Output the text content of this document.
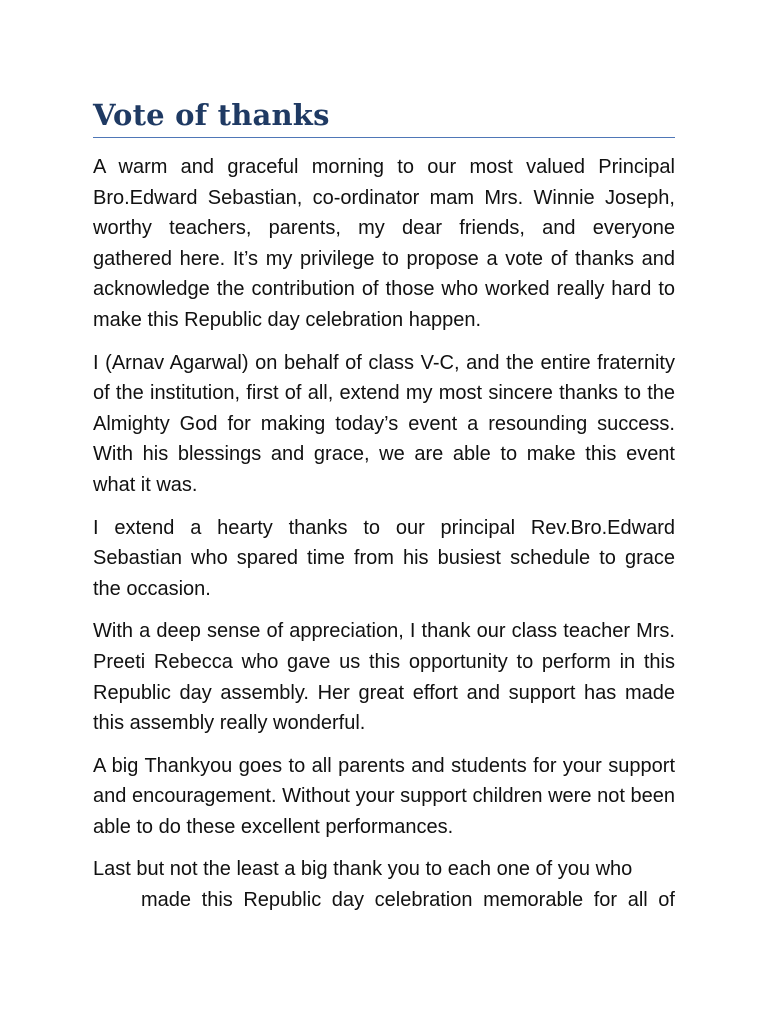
Vote of thanks

A warm and graceful morning to our most valued Principal Bro.Edward Sebastian, co-ordinator mam Mrs. Winnie Joseph, worthy teachers, parents, my dear friends, and everyone gathered here. It’s my privilege to propose a vote of thanks and acknowledge the contribution of those who worked really hard to make this Republic day celebration happen.

I (Arnav Agarwal) on behalf of class V-C, and the entire fraternity of the institution, first of all, extend my most sincere thanks to the Almighty God for making today’s event a resounding success. With his blessings and grace, we are able to make this event what it was.

I extend a hearty thanks to our principal Rev.Bro.Edward Sebastian who spared time from his busiest schedule to grace the occasion.

With a deep sense of appreciation, I thank our class teacher Mrs. Preeti Rebecca who gave us this opportunity to perform in this Republic day assembly. Her great effort and support has made this assembly really wonderful.

A big Thankyou goes to all parents and students for your support and encouragement. Without your support children were not been able to do these excellent performances.

Last but not the least a big thank you to each one of you who
made this Republic day celebration memorable for all of
